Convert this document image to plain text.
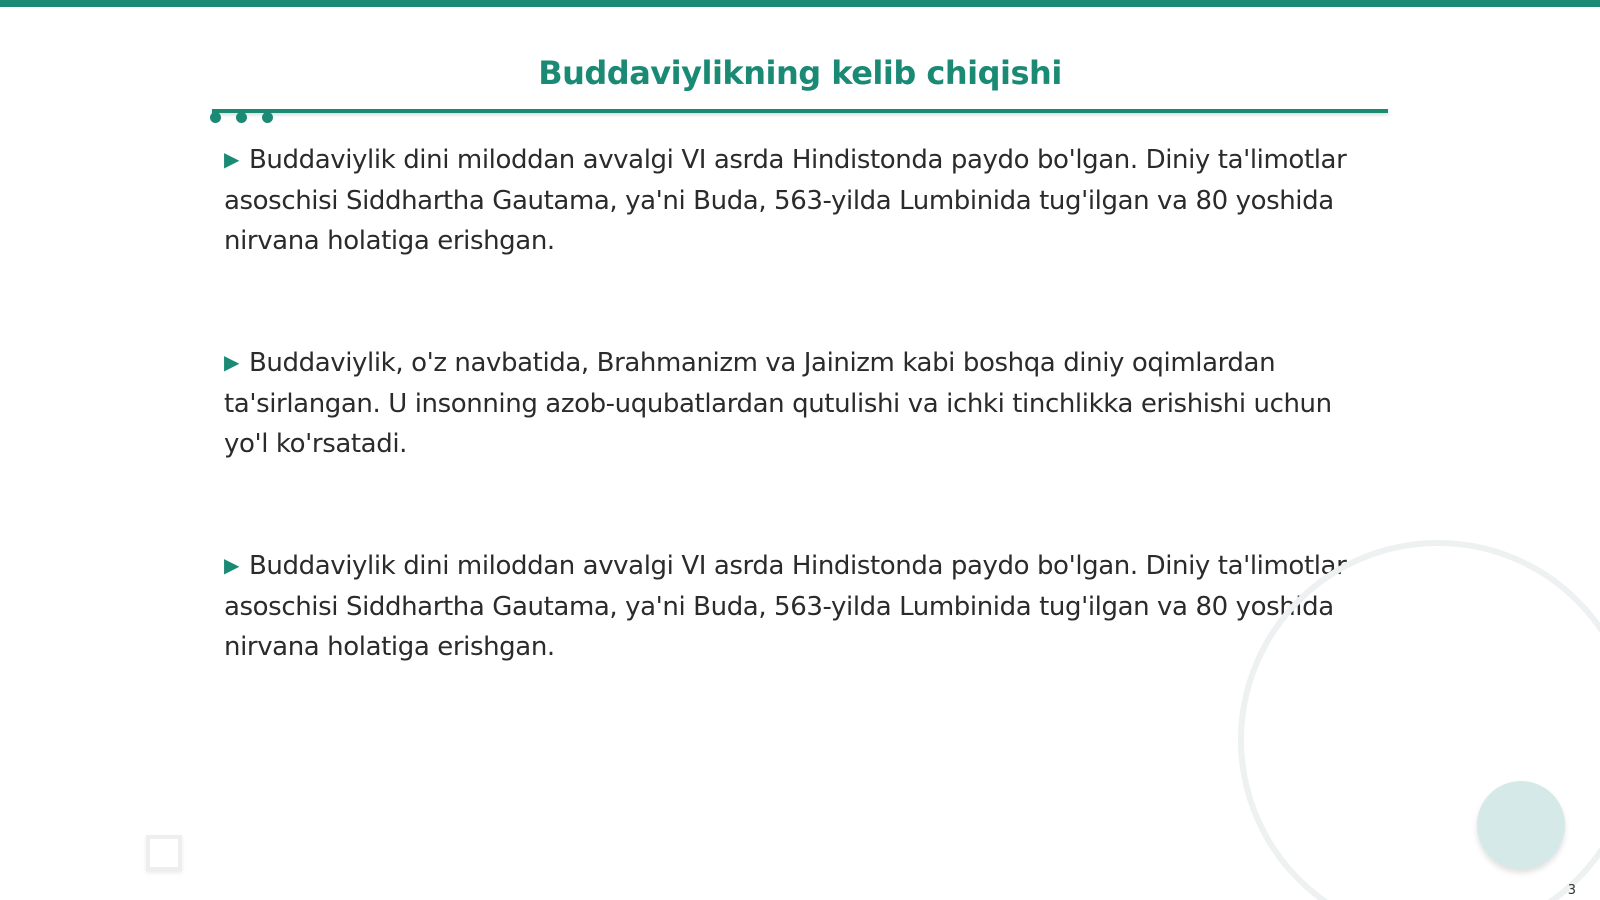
Buddaviylikning kelib chiqishi

▶ Buddaviylik dini miloddan avvalgi VI asrda Hindistonda paydo bo'lgan. Diniy ta'limotlar asoschisi Siddhartha Gautama, ya'ni Buda, 563-yilda Lumbinida tug'ilgan va 80 yoshida nirvana holatiga erishgan.

▶ Buddaviylik, o'z navbatida, Brahmanizm va Jainizm kabi boshqa diniy oqimlardan ta'sirlangan. U insonning azob-uqubatlardan qutulishi va ichki tinchlikka erishishi uchun yo'l ko'rsatadi.

▶ Buddaviylik dini miloddan avvalgi VI asrda Hindistonda paydo bo'lgan. Diniy ta'limotlar asoschisi Siddhartha Gautama, ya'ni Buda, 563-yilda Lumbinida tug'ilgan va 80 yoshida nirvana holatiga erishgan.

3
